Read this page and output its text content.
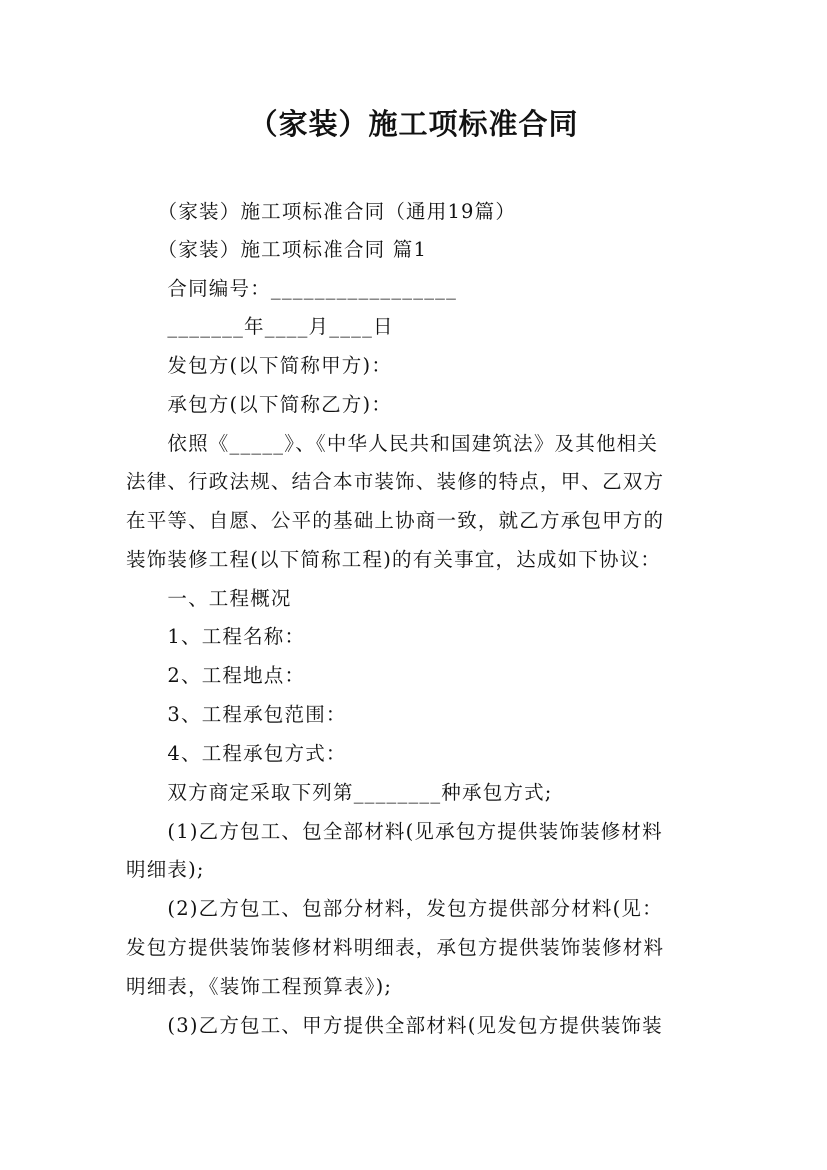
（家装）施工项标准合同
　　（家装）施工项标准合同（通用19篇）
　　（家装）施工项标准合同 篇1
　　合同编号：_________________
　　_______年____月____日
　　发包方(以下简称甲方)：
　　承包方(以下简称乙方)：
　　依照《_____》、《中华人民共和国建筑法》及其他相关
法律、行政法规、结合本市装饰、装修的特点，甲、乙双方
在平等、自愿、公平的基础上协商一致，就乙方承包甲方的
装饰装修工程(以下简称工程)的有关事宜，达成如下协议：
　　一、工程概况
　　1、工程名称：
　　2、工程地点：
　　3、工程承包范围：
　　4、工程承包方式：
　　双方商定采取下列第________种承包方式;
　　(1)乙方包工、包全部材料(见承包方提供装饰装修材料
明细表);
　　(2)乙方包工、包部分材料，发包方提供部分材料(见：
发包方提供装饰装修材料明细表，承包方提供装饰装修材料
明细表，《装饰工程预算表》);
　　(3)乙方包工、甲方提供全部材料(见发包方提供装饰装
